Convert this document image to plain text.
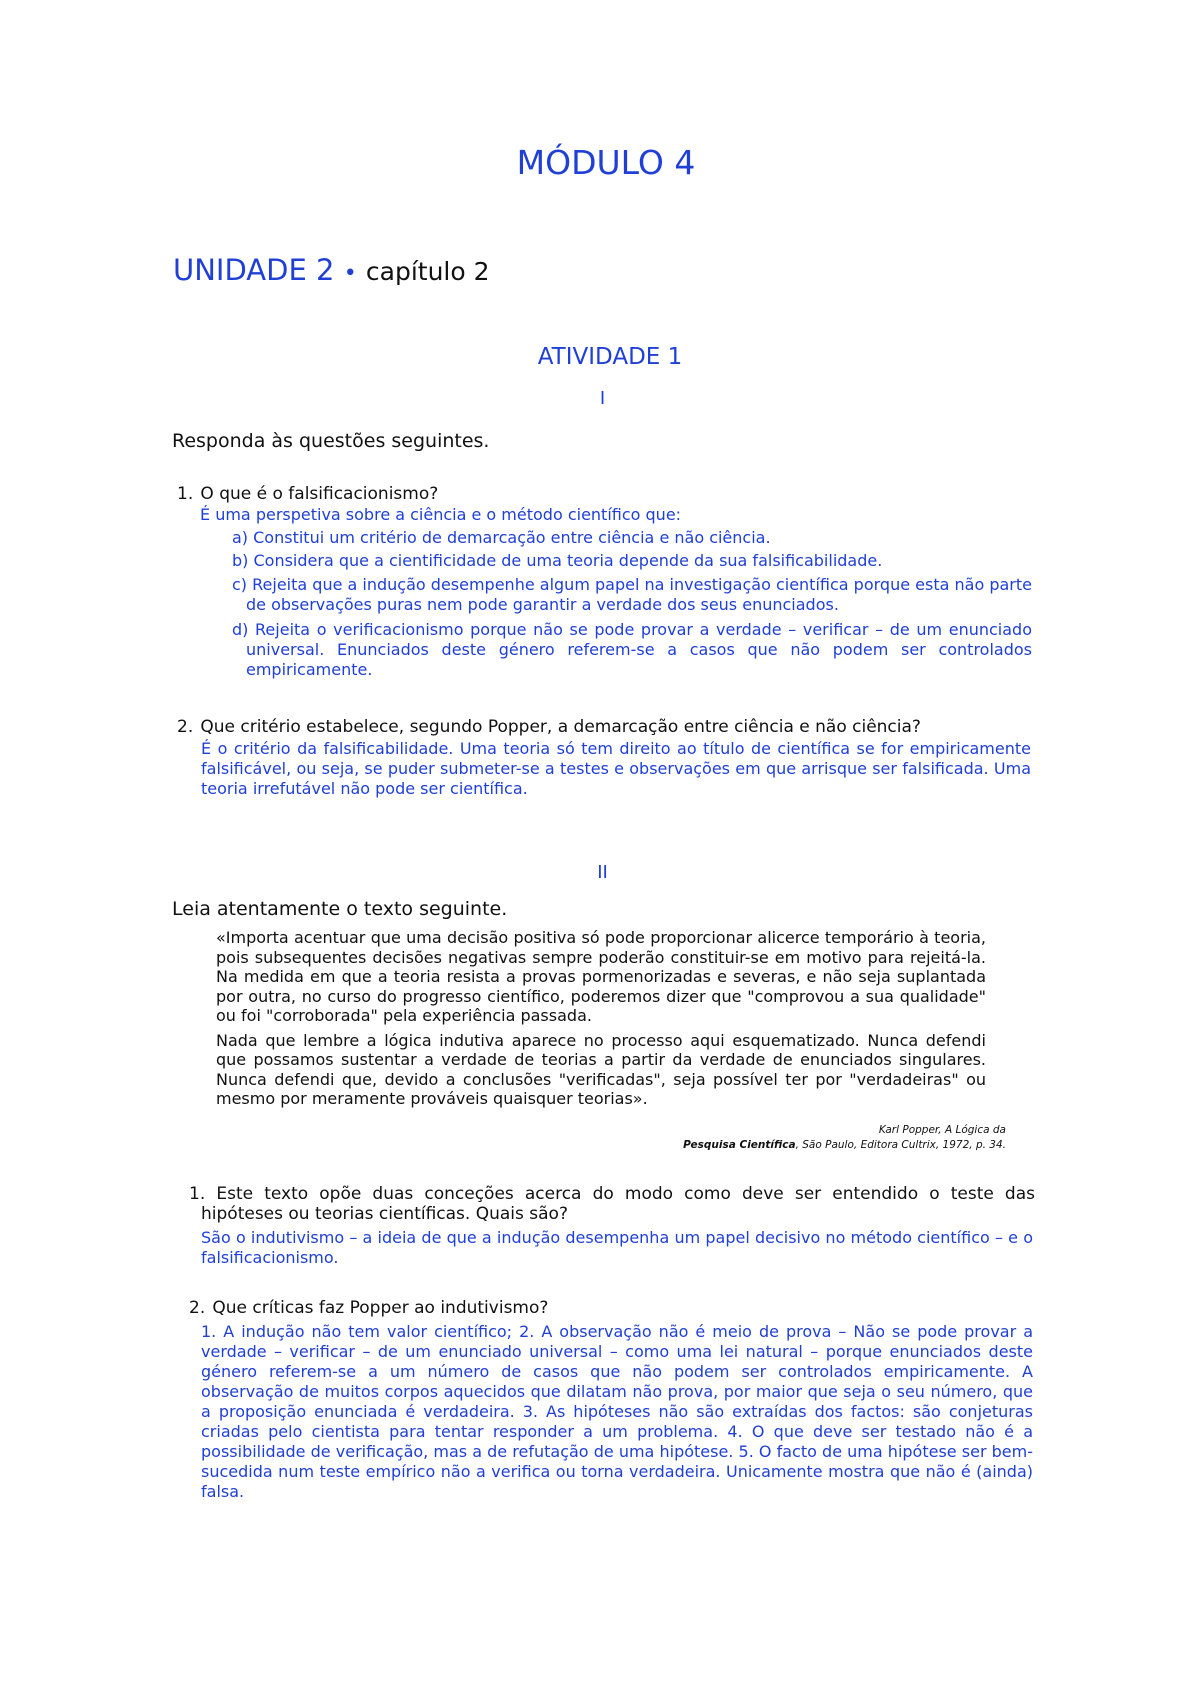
MÓDULO 4
UNIDADE 2 • capítulo 2
ATIVIDADE 1
I
Responda às questões seguintes.
1. O que é o falsificacionismo?
É uma perspetiva sobre a ciência e o método científico que:
a) Constitui um critério de demarcação entre ciência e não ciência.
b) Considera que a cientificidade de uma teoria depende da sua falsificabilidade.
c) Rejeita que a indução desempenhe algum papel na investigação científica porque esta não parte de observações puras nem pode garantir a verdade dos seus enunciados.
d) Rejeita o verificacionismo porque não se pode provar a verdade – verificar – de um enunciado universal. Enunciados deste género referem-se a casos que não podem ser controlados empiricamente.
2. Que critério estabelece, segundo Popper, a demarcação entre ciência e não ciência?
É o critério da falsificabilidade. Uma teoria só tem direito ao título de científica se for empiricamente falsificável, ou seja, se puder submeter-se a testes e observações em que arrisque ser falsificada. Uma teoria irrefutável não pode ser científica.
II
Leia atentamente o texto seguinte.

«Importa acentuar que uma decisão positiva só pode proporcionar alicerce temporário à teoria, pois subsequentes decisões negativas sempre poderão constituir-se em motivo para rejeitá-la. Na medida em que a teoria resista a provas pormenorizadas e severas, e não seja suplantada por outra, no curso do progresso científico, poderemos dizer que "comprovou a sua qualidade" ou foi "corroborada" pela experiência passada.

Nada que lembre a lógica indutiva aparece no processo aqui esquematizado. Nunca defendi que possamos sustentar a verdade de teorias a partir da verdade de enunciados singulares. Nunca defendi que, devido a conclusões "verificadas", seja possível ter por "verdadeiras" ou mesmo por meramente prováveis quaisquer teorias».

Karl Popper, A Lógica da
Pesquisa Científica, São Paulo, Editora Cultrix, 1972, p. 34.
1. Este texto opõe duas conceções acerca do modo como deve ser entendido o teste das hipóteses ou teorias científicas. Quais são?
São o indutivismo – a ideia de que a indução desempenha um papel decisivo no método científico – e o falsificacionismo.
2. Que críticas faz Popper ao indutivismo?
1. A indução não tem valor científico; 2. A observação não é meio de prova – Não se pode provar a verdade – verificar – de um enunciado universal – como uma lei natural – porque enunciados deste género referem-se a um número de casos que não podem ser controlados empiricamente. A observação de muitos corpos aquecidos que dilatam não prova, por maior que seja o seu número, que a proposição enunciada é verdadeira. 3. As hipóteses não são extraídas dos factos: são conjeturas criadas pelo cientista para tentar responder a um problema. 4. O que deve ser testado não é a possibilidade de verificação, mas a de refutação de uma hipótese. 5. O facto de uma hipótese ser bem-sucedida num teste empírico não a verifica ou torna verdadeira. Unicamente mostra que não é (ainda) falsa.
